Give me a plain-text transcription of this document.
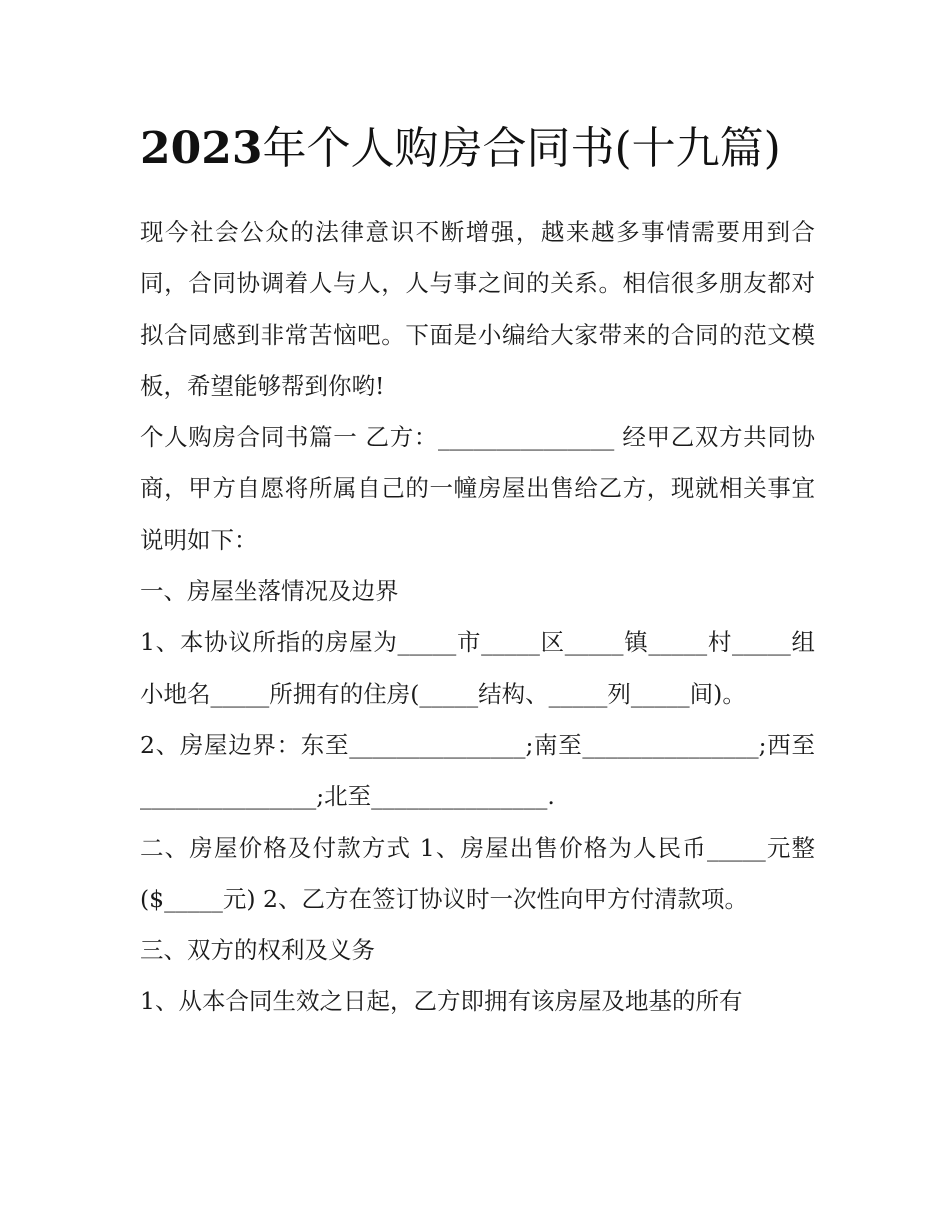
2023年个人购房合同书(十九篇)

现今社会公众的法律意识不断增强，越来越多事情需要用到合同，合同协调着人与人，人与事之间的关系。相信很多朋友都对拟合同感到非常苦恼吧。下面是小编给大家带来的合同的范文模板，希望能够帮到你哟!

个人购房合同书篇一 乙方：_______________ 经甲乙双方共同协商，甲方自愿将所属自己的一幢房屋出售给乙方，现就相关事宜说明如下：

一、房屋坐落情况及边界

1、本协议所指的房屋为_____市_____区_____镇_____村_____组小地名_____所拥有的住房(_____结构、_____列_____间)。

2、房屋边界：东至_______________;南至_______________;西至_______________;北至_______________.

二、房屋价格及付款方式 1、房屋出售价格为人民币_____元整($_____元) 2、乙方在签订协议时一次性向甲方付清款项。

三、双方的权利及义务

1、从本合同生效之日起，乙方即拥有该房屋及地基的所有
